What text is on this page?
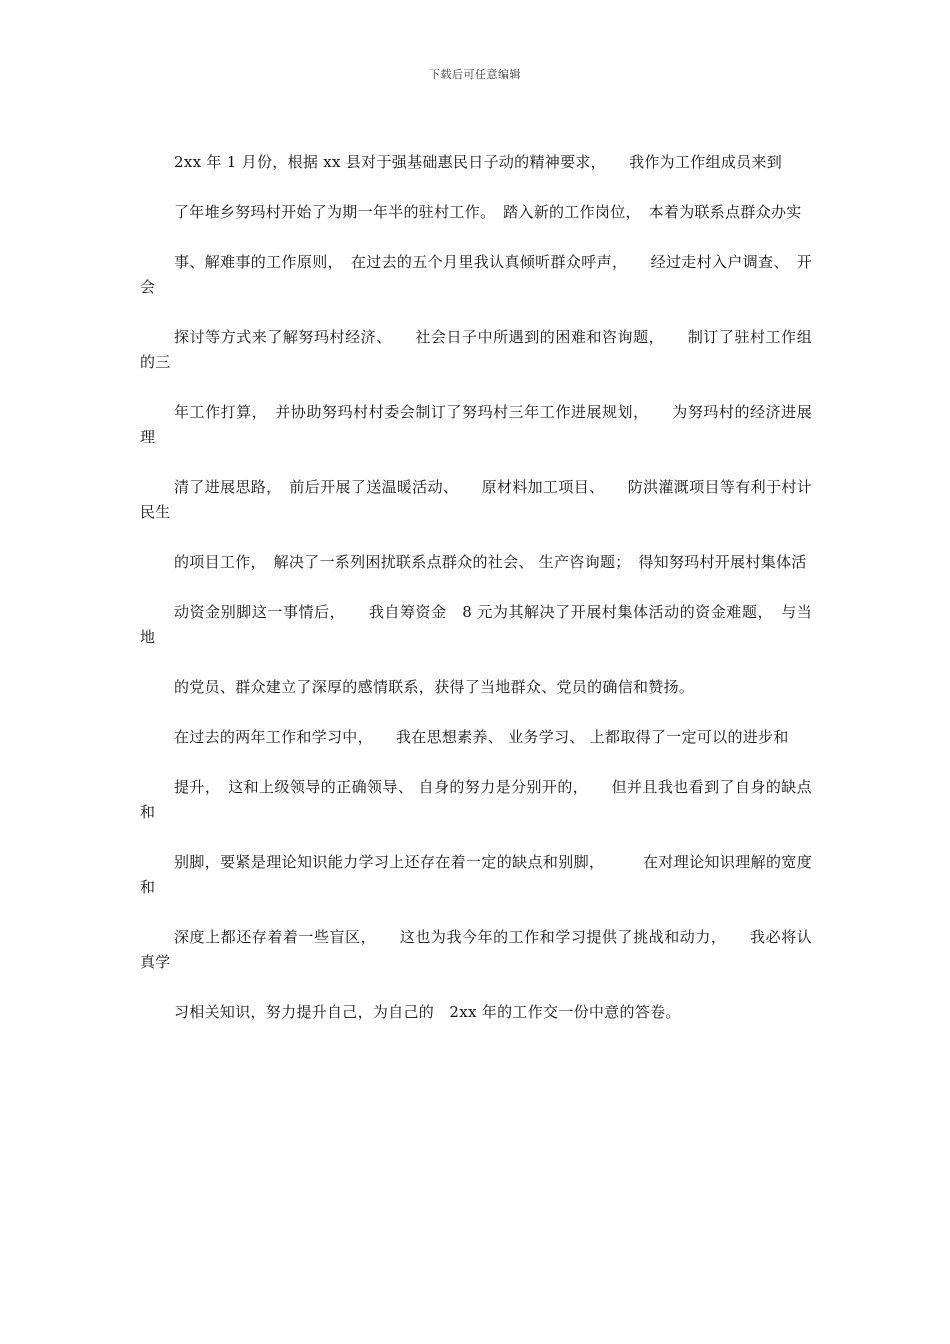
下载后可任意编辑

2xx 年 1 月份，根据 xx 县对于强基础惠民日子动的精神要求，　　我作为工作组成员来到

了年堆乡努玛村开始了为期一年半的驻村工作。　踏入新的工作岗位，　本着为联系点群众办实

事、解难事的工作原则，　在过去的五个月里我认真倾听群众呼声，　　经过走村入户调查、　开会

探讨等方式来了解努玛村经济、　　社会日子中所遇到的困难和咨询题，　　制订了驻村工作组的三

年工作打算，　并协助努玛村村委会制订了努玛村三年工作进展规划，　　为努玛村的经济进展理

清了进展思路，　前后开展了送温暖活动、　　原材料加工项目、　　防洪灌溉项目等有利于村计民生

的项目工作，　解决了一系列困扰联系点群众的社会、 生产咨询题；　得知努玛村开展村集体活

动资金别脚这一事情后，　　我自筹资金　8 元为其解决了开展村集体活动的资金难题，　与当地

的党员、群众建立了深厚的感情联系，获得了当地群众、党员的确信和赞扬。

在过去的两年工作和学习中，　　我在思想素养、 业务学习、 上都取得了一定可以的进步和

提升，　这和上级领导的正确领导、 自身的努力是分别开的，　　但并且我也看到了自身的缺点和

别脚，要紧是理论知识能力学习上还存在着一定的缺点和别脚，　　　在对理论知识理解的宽度和

深度上都还存着着一些盲区，　　这也为我今年的工作和学习提供了挑战和动力，　　我必将认真学

习相关知识，努力提升自己，为自己的　2xx 年的工作交一份中意的答卷。
